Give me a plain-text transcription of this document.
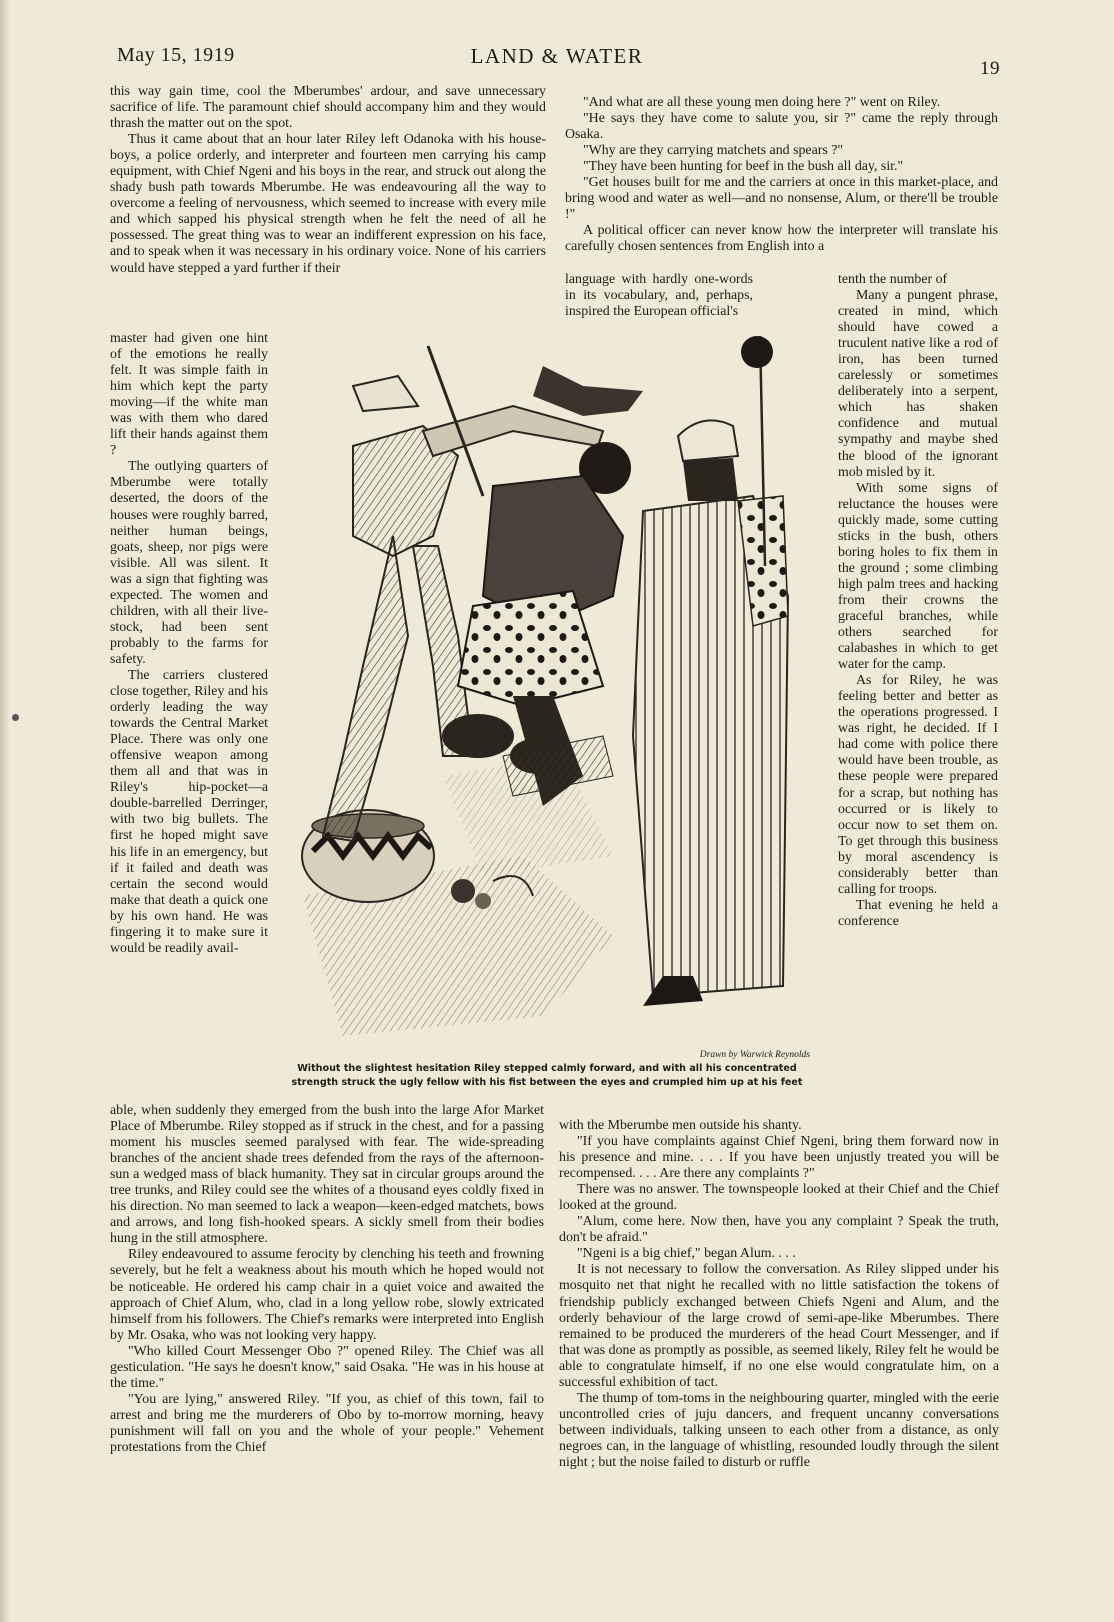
LAND & WATER
May 15, 1919
19

this way gain time, cool the Mberumbes' ardour, and save unnecessary sacrifice of life. The paramount chief should accompany him and they would thrash the matter out on the spot.

Thus it came about that an hour later Riley left Odanoka with his house-boys, a police orderly, and interpreter and fourteen men carrying his camp equipment, with Chief Ngeni and his boys in the rear, and struck out along the shady bush path towards Mberumbe. He was endeavouring all the way to overcome a feeling of nervousness, which seemed to increase with every mile and which sapped his physical strength when he felt the need of all he possessed. The great thing was to wear an indifferent expression on his face, and to speak when it was necessary in his ordinary voice. None of his carriers would have stepped a yard further if their

master had given one hint of the emotions he really felt. It was simple faith in him which kept the party moving—if the white man was with them who dared lift their hands against them ?

The outlying quarters of Mberumbe were totally deserted, the doors of the houses were roughly barred, neither human beings, goats, sheep, nor pigs were visible. All was silent. It was a sign that fighting was expected. The women and children, with all their live-stock, had been sent probably to the farms for safety.

The carriers clustered close together, Riley and his orderly leading the way towards the Central Market Place. There was only one offensive weapon among them all and that was in Riley's hip-pocket—a double-barrelled Derringer, with two big bullets. The first he hoped might save his life in an emergency, but if it failed and death was certain the second would make that death a quick one by his own hand. He was fingering it to make sure it would be readily avail-

able, when suddenly they emerged from the bush into the large Afor Market Place of Mberumbe. Riley stopped as if struck in the chest, and for a passing moment his muscles seemed paralysed with fear. The wide-spreading branches of the ancient shade trees defended from the rays of the afternoon-sun a wedged mass of black humanity. They sat in circular groups around the tree trunks, and Riley could see the whites of a thousand eyes coldly fixed in his direction. No man seemed to lack a weapon—keen-edged matchets, bows and arrows, and long fish-hooked spears. A sickly smell from their bodies hung in the still atmosphere.

Riley endeavoured to assume ferocity by clenching his teeth and frowning severely, but he felt a weakness about his mouth which he hoped would not be noticeable. He ordered his camp chair in a quiet voice and awaited the approach of Chief Alum, who, clad in a long yellow robe, slowly extricated himself from his followers. The Chief's remarks were interpreted into English by Mr. Osaka, who was not looking very happy.

"Who killed Court Messenger Obo ?" opened Riley. The Chief was all gesticulation. "He says he doesn't know," said Osaka. "He was in his house at the time."

"You are lying," answered Riley. "If you, as chief of this town, fail to arrest and bring me the murderers of Obo by to-morrow morning, heavy punishment will fall on you and the whole of your people." Vehement protestations from the Chief

"And what are all these young men doing here ?" went on Riley.

"He says they have come to salute you, sir ?" came the reply through Osaka.

"Why are they carrying matchets and spears ?"

"They have been hunting for beef in the bush all day, sir."

"Get houses built for me and the carriers at once in this market-place, and bring wood and water as well—and no nonsense, Alum, or there'll be trouble !"

A political officer can never know how the interpreter will translate his carefully chosen sentences from English into a

language with hardly one-words in its vocabulary, and, perhaps, inspired the European official's

tenth the number of

Many a pungent phrase, created in mind, which should have cowed a truculent native like a rod of iron, has been turned carelessly or sometimes deliberately into a serpent, which has shaken confidence and mutual sympathy and maybe shed the blood of the ignorant mob misled by it.

With some signs of reluctance the houses were quickly made, some cutting sticks in the bush, others boring holes to fix them in the ground ; some climbing high palm trees and hacking from their crowns the graceful branches, while others searched for calabashes in which to get water for the camp.

As for Riley, he was feeling better and better as the operations progressed. I was right, he decided. If I had come with police there would have been trouble, as these people were prepared for a scrap, but nothing has occurred or is likely to occur now to set them on. To get through this business by moral ascendency is considerably better than calling for troops.

That evening he held a conference

with the Mberumbe men outside his shanty.

"If you have complaints against Chief Ngeni, bring them forward now in his presence and mine. . . . If you have been unjustly treated you will be recompensed. . . . Are there any complaints ?"

There was no answer. The townspeople looked at their Chief and the Chief looked at the ground.

"Alum, come here. Now then, have you any complaint ? Speak the truth, don't be afraid."

"Ngeni is a big chief," began Alum. . . .

It is not necessary to follow the conversation. As Riley slipped under his mosquito net that night he recalled with no little satisfaction the tokens of friendship publicly exchanged between Chiefs Ngeni and Alum, and the orderly behaviour of the large crowd of semi-ape-like Mberumbes. There remained to be produced the murderers of the head Court Messenger, and if that was done as promptly as possible, as seemed likely, Riley felt he would be able to congratulate himself, if no one else would congratulate him, on a successful exhibition of tact.

The thump of tom-toms in the neighbouring quarter, mingled with the eerie uncontrolled cries of juju dancers, and frequent uncanny conversations between individuals, talking unseen to each other from a distance, as only negroes can, in the language of whistling, resounded loudly through the silent night ; but the noise failed to disturb or ruffle

Drawn by Warwick Reynolds
Without the slightest hesitation Riley stepped calmly forward, and with all his concentrated
strength struck the ugly fellow with his fist between the eyes and crumpled him up at his feet
